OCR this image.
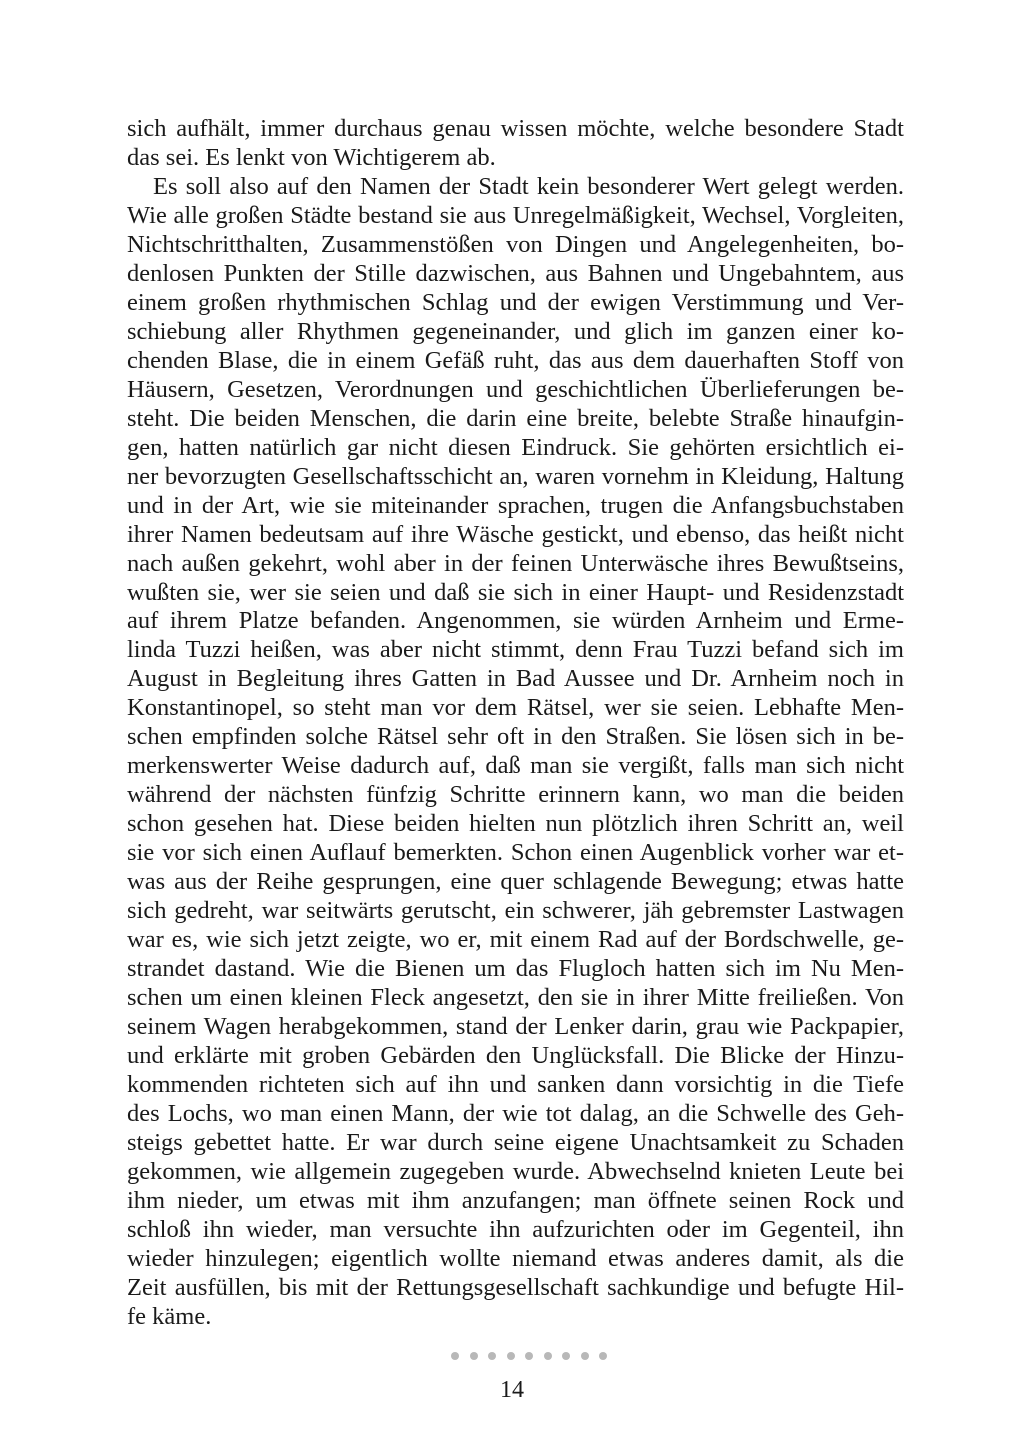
sich aufhält, immer durchaus genau wissen möchte, welche besondere Stadt
das sei. Es lenkt von Wichtigerem ab.
Es soll also auf den Namen der Stadt kein besonderer Wert gelegt werden.
Wie alle großen Städte bestand sie aus Unregelmäßigkeit, Wechsel, Vorgleiten,
Nichtschritthalten, Zusammenstößen von Dingen und Angelegenheiten, bo-
denlosen Punkten der Stille dazwischen, aus Bahnen und Ungebahntem, aus
einem großen rhythmischen Schlag und der ewigen Verstimmung und Ver-
schiebung aller Rhythmen gegeneinander, und glich im ganzen einer ko-
chenden Blase, die in einem Gefäß ruht, das aus dem dauerhaften Stoff von
Häusern, Gesetzen, Verordnungen und geschichtlichen Überlieferungen be-
steht. Die beiden Menschen, die darin eine breite, belebte Straße hinaufgin-
gen, hatten natürlich gar nicht diesen Eindruck. Sie gehörten ersichtlich ei-
ner bevorzugten Gesellschaftsschicht an, waren vornehm in Kleidung, Haltung
und in der Art, wie sie miteinander sprachen, trugen die Anfangsbuchstaben
ihrer Namen bedeutsam auf ihre Wäsche gestickt, und ebenso, das heißt nicht
nach außen gekehrt, wohl aber in der feinen Unterwäsche ihres Bewußtseins,
wußten sie, wer sie seien und daß sie sich in einer Haupt- und Residenzstadt
auf ihrem Platze befanden. Angenommen, sie würden Arnheim und Erme-
linda Tuzzi heißen, was aber nicht stimmt, denn Frau Tuzzi befand sich im
August in Begleitung ihres Gatten in Bad Aussee und Dr. Arnheim noch in
Konstantinopel, so steht man vor dem Rätsel, wer sie seien. Lebhafte Men-
schen empfinden solche Rätsel sehr oft in den Straßen. Sie lösen sich in be-
merkenswerter Weise dadurch auf, daß man sie vergißt, falls man sich nicht
während der nächsten fünfzig Schritte erinnern kann, wo man die beiden
schon gesehen hat. Diese beiden hielten nun plötzlich ihren Schritt an, weil
sie vor sich einen Auflauf bemerkten. Schon einen Augenblick vorher war et-
was aus der Reihe gesprungen, eine quer schlagende Bewegung; etwas hatte
sich gedreht, war seitwärts gerutscht, ein schwerer, jäh gebremster Lastwagen
war es, wie sich jetzt zeigte, wo er, mit einem Rad auf der Bordschwelle, ge-
strandet dastand. Wie die Bienen um das Flugloch hatten sich im Nu Men-
schen um einen kleinen Fleck angesetzt, den sie in ihrer Mitte freiließen. Von
seinem Wagen herabgekommen, stand der Lenker darin, grau wie Packpapier,
und erklärte mit groben Gebärden den Unglücksfall. Die Blicke der Hinzu-
kommenden richteten sich auf ihn und sanken dann vorsichtig in die Tiefe
des Lochs, wo man einen Mann, der wie tot dalag, an die Schwelle des Geh-
steigs gebettet hatte. Er war durch seine eigene Unachtsamkeit zu Schaden
gekommen, wie allgemein zugegeben wurde. Abwechselnd knieten Leute bei
ihm nieder, um etwas mit ihm anzufangen; man öffnete seinen Rock und
schloß ihn wieder, man versuchte ihn aufzurichten oder im Gegenteil, ihn
wieder hinzulegen; eigentlich wollte niemand etwas anderes damit, als die
Zeit ausfüllen, bis mit der Rettungsgesellschaft sachkundige und befugte Hil-
fe käme.
14
